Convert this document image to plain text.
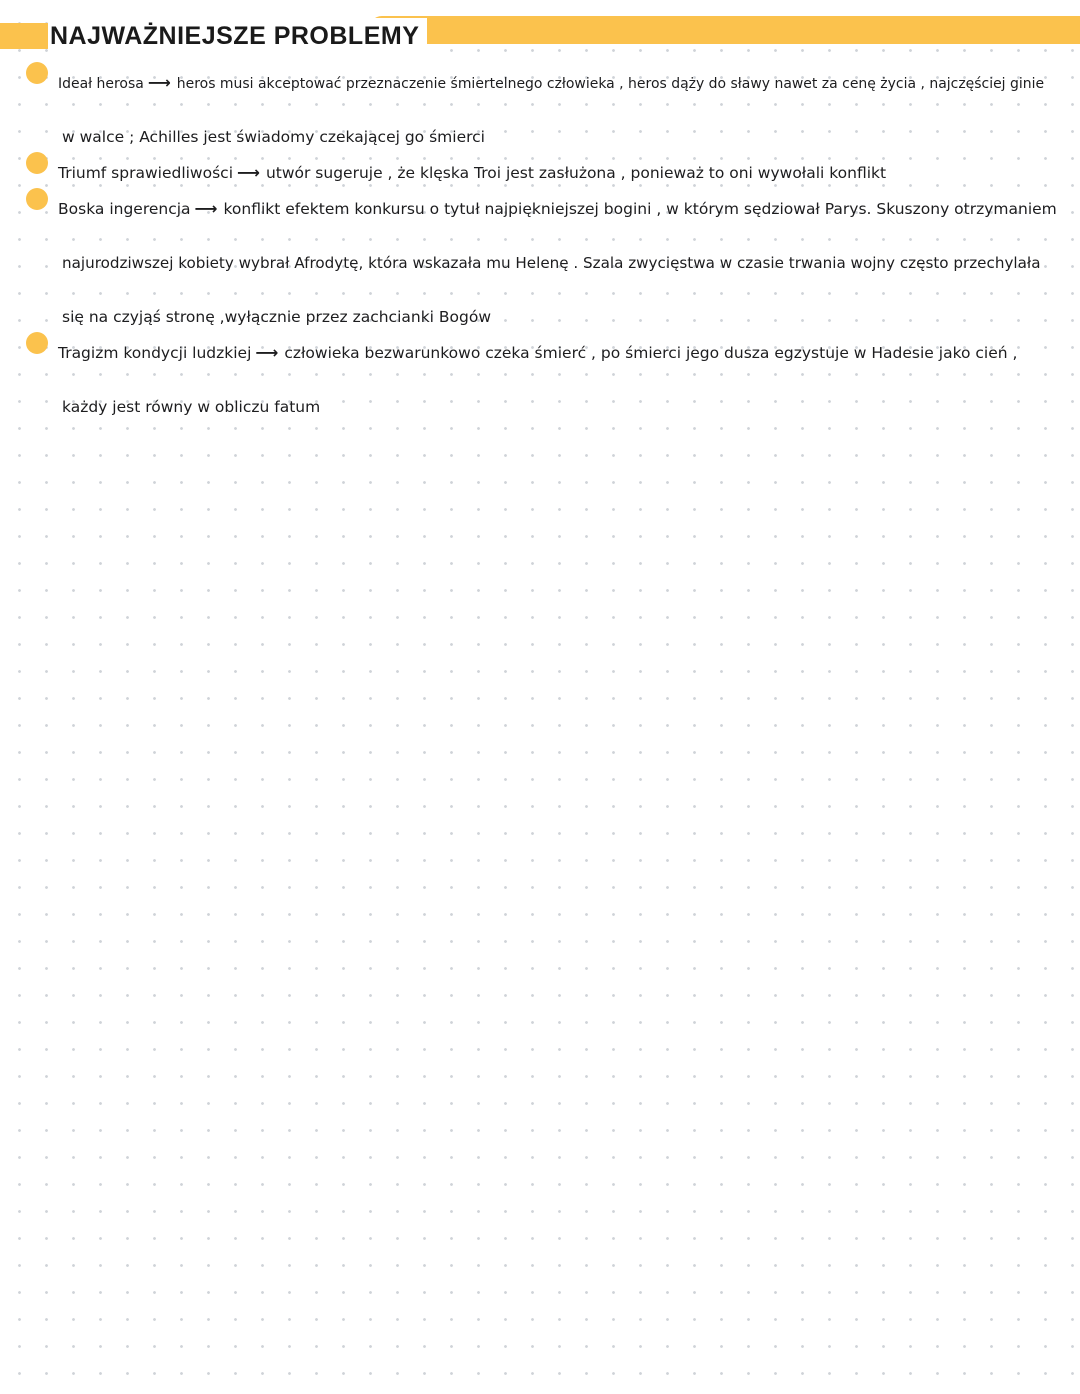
NAJWAŻNIEJSZE PROBLEMY
Ideał herosa ⟶ heros musi akceptować przeznaczenie śmiertelnego człowieka , heros dąży do sławy nawet za cenę życia , najczęściej ginie
w walce ; Achilles jest świadomy czekającej go śmierci
Triumf sprawiedliwości ⟶ utwór sugeruje , że klęska Troi jest zasłużona , ponieważ to oni wywołali konflikt
Boska ingerencja ⟶ konflikt efektem konkursu o tytuł najpiękniejszej bogini , w którym sędziował Parys. Skuszony otrzymaniem
najurodziwszej kobiety wybrał Afrodytę, która wskazała mu Helenę . Szala zwycięstwa w czasie trwania wojny często przechylała
się na czyjąś stronę ,wyłącznie przez zachcianki Bogów
Tragizm kondycji ludzkiej ⟶ człowieka bezwarunkowo czeka śmierć , po śmierci jego dusza egzystuje w Hadesie jako cień ,
każdy jest równy w obliczu fatum
